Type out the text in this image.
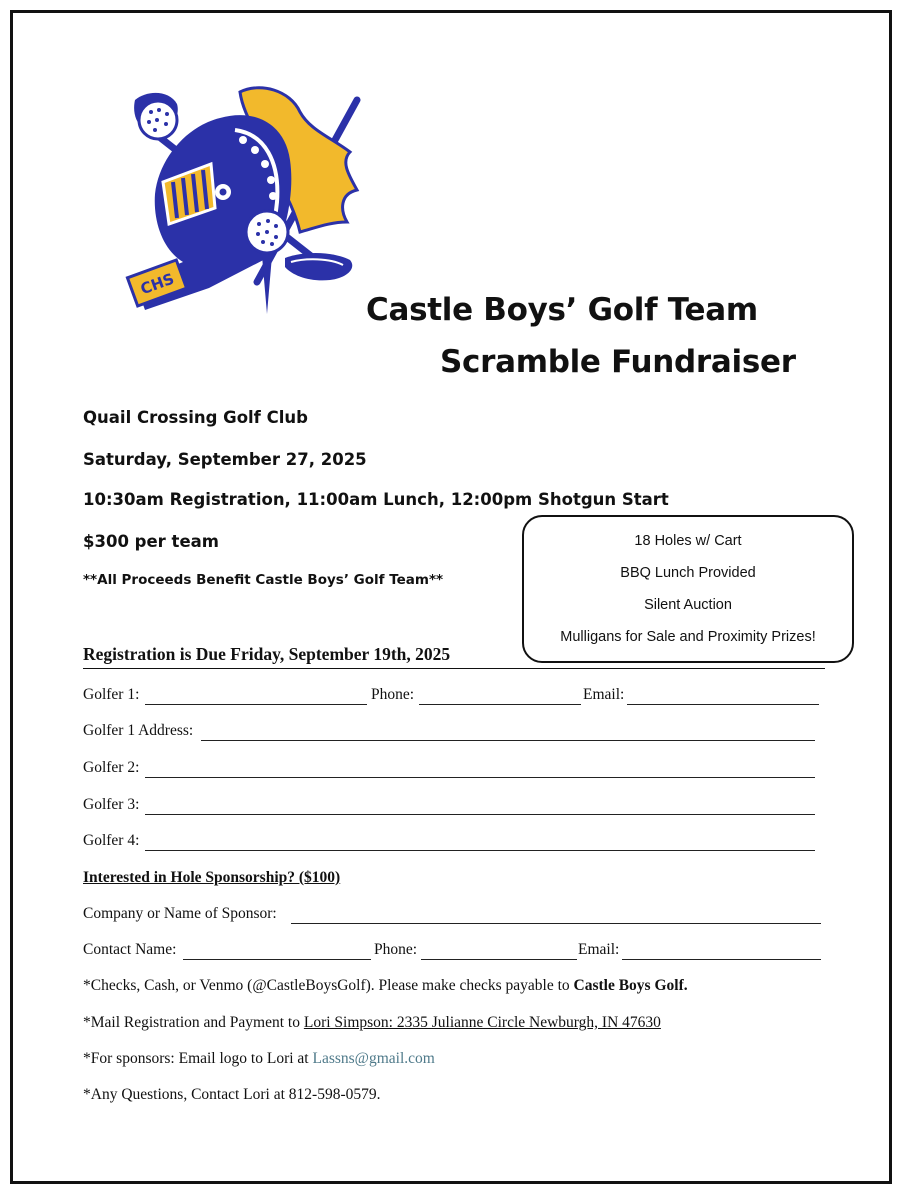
CHS
Castle Boys’ Golf Team
Scramble Fundraiser
Quail Crossing Golf Club
Saturday, September 27, 2025
10:30am Registration, 11:00am Lunch, 12:00pm Shotgun Start
$300 per team
**All Proceeds Benefit Castle Boys’ Golf Team**
18 Holes w/ Cart
BBQ Lunch Provided
Silent Auction
Mulligans for Sale and Proximity Prizes!
Registration is Due Friday, September 19th, 2025
Golfer 1:	Phone:	Email:
Golfer 1 Address:
Golfer 2:
Golfer 3:
Golfer 4:
Interested in Hole Sponsorship? ($100)
Company or Name of Sponsor:
Contact Name:	Phone:	Email:
*Checks, Cash, or Venmo (@CastleBoysGolf). Please make checks payable to Castle Boys Golf.
*Mail Registration and Payment to Lori Simpson: 2335 Julianne Circle Newburgh, IN 47630
*For sponsors: Email logo to Lori at Lassns@gmail.com
*Any Questions, Contact Lori at 812-598-0579.
